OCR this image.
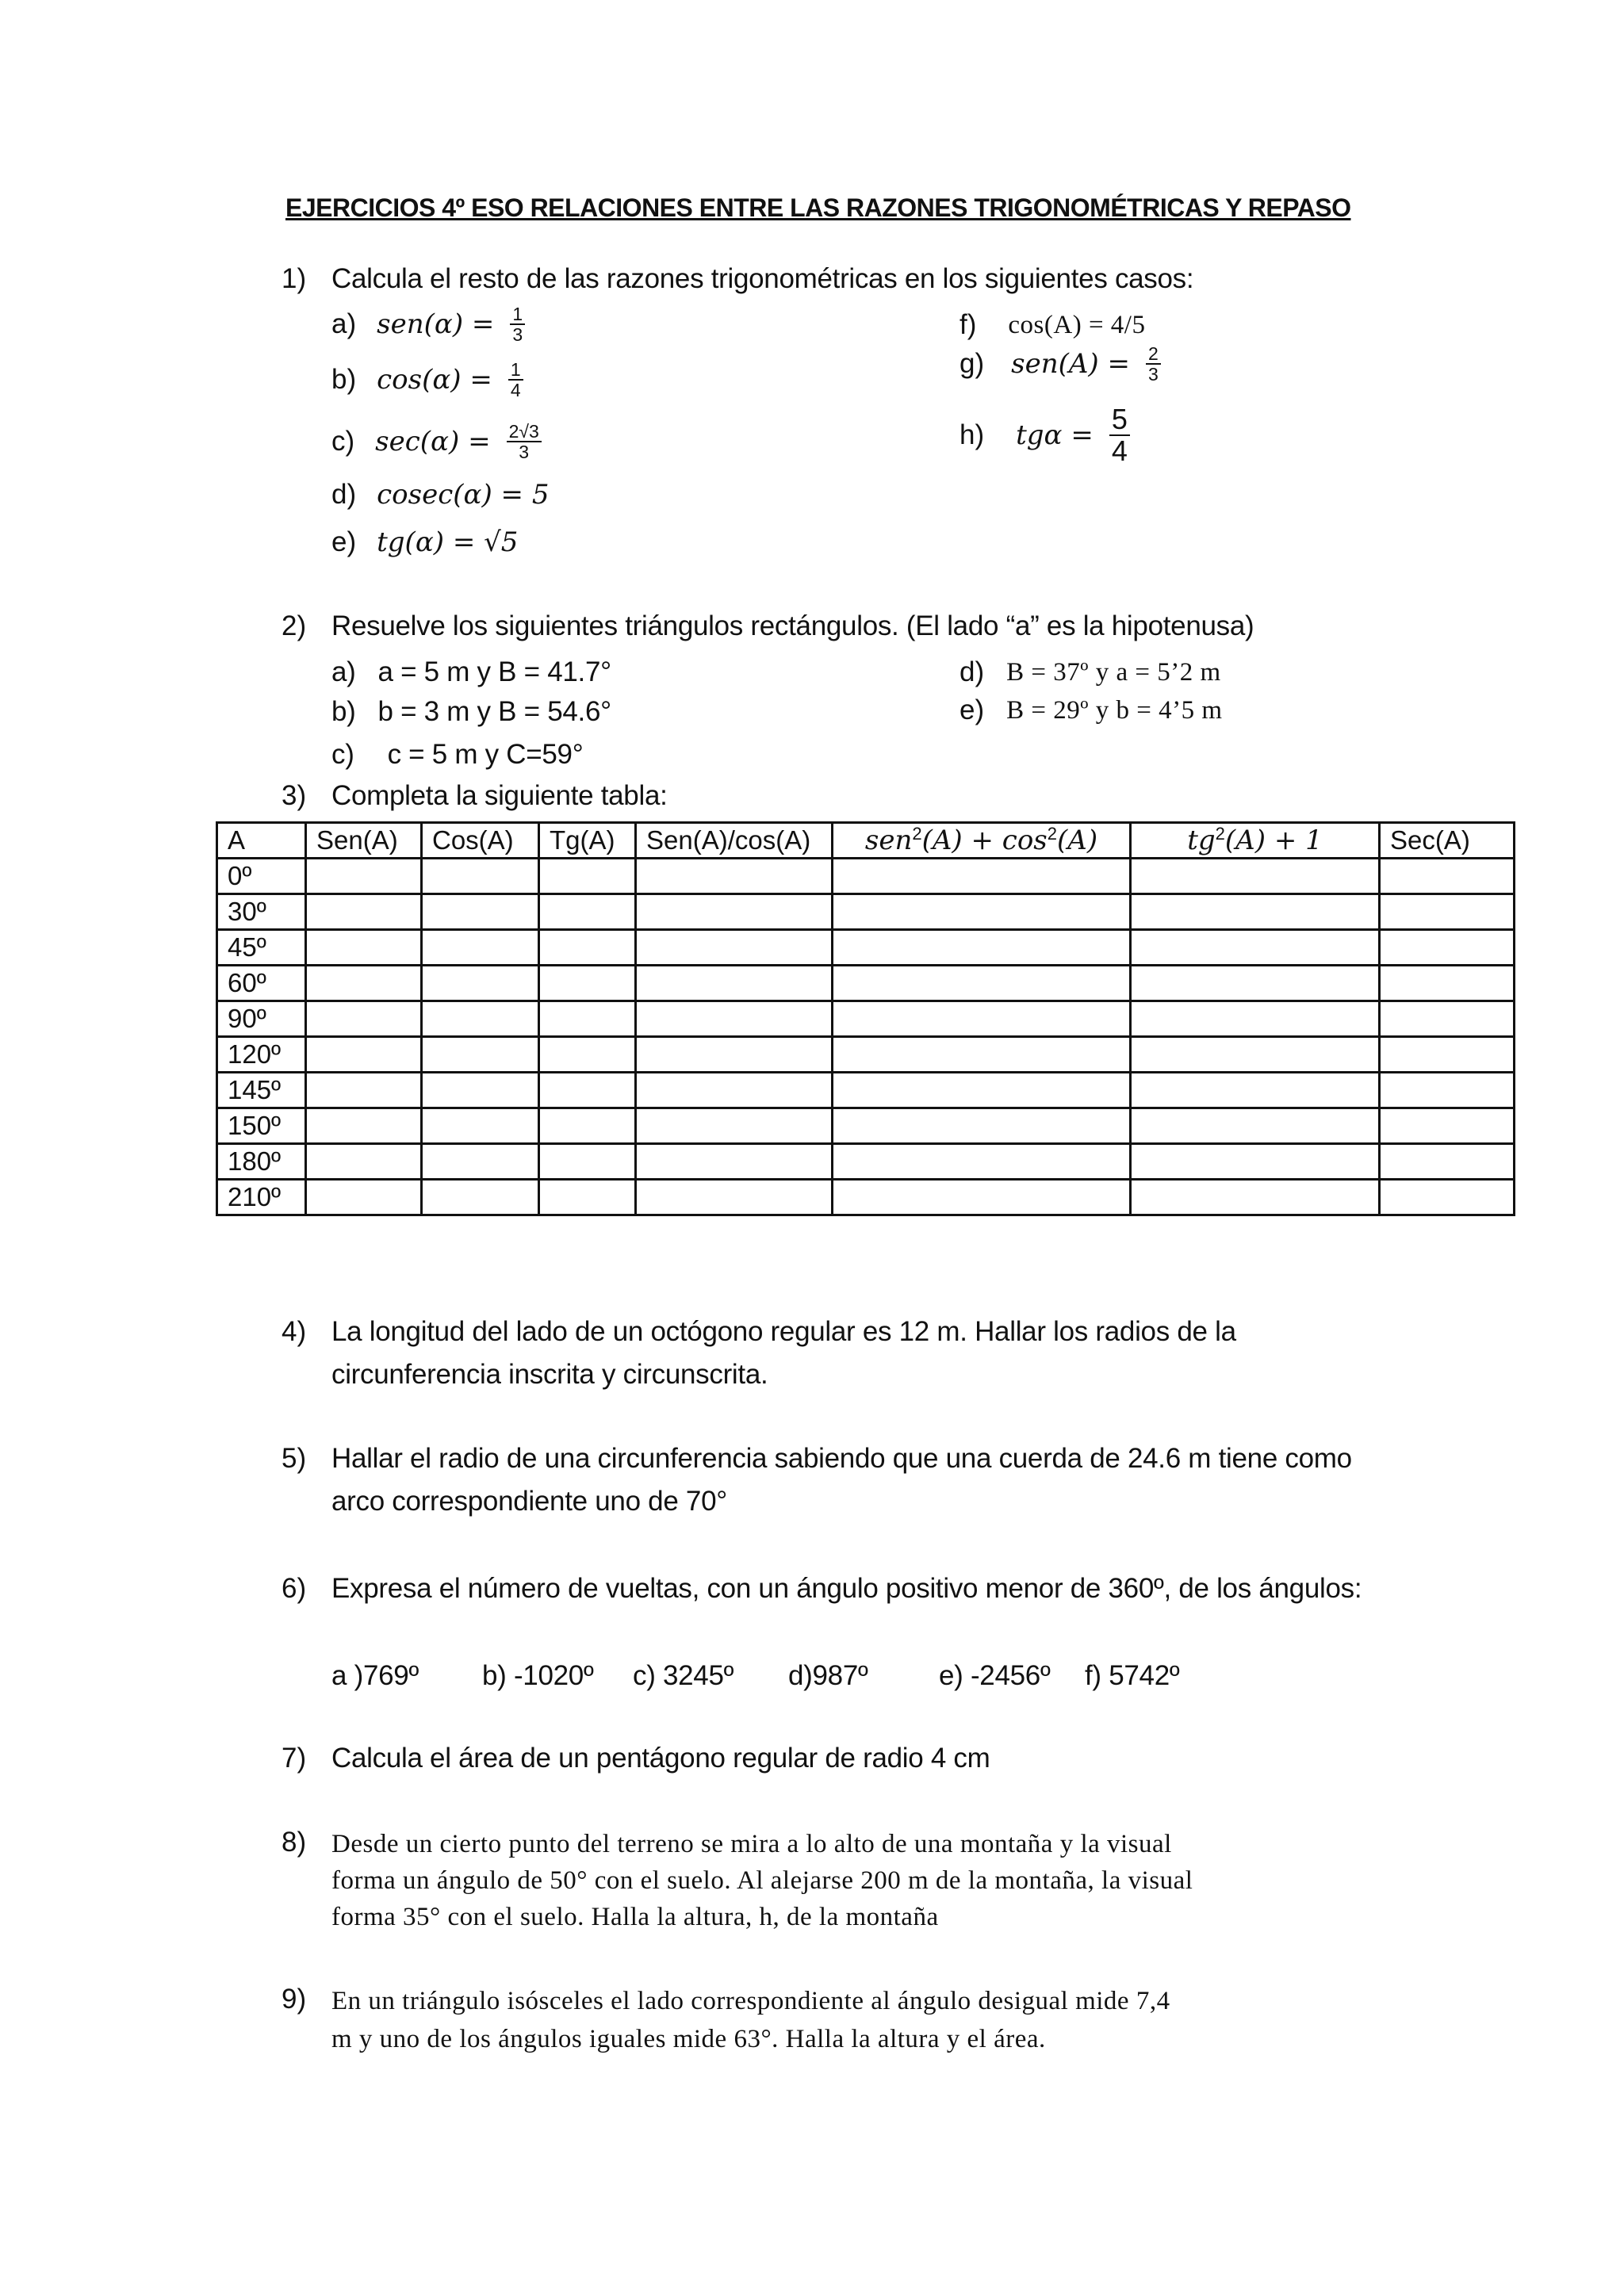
EJERCICIOS 4º ESO RELACIONES ENTRE LAS RAZONES TRIGONOMÉTRICAS Y REPASO
1) Calcula el resto de las razones trigonométricas en los siguientes casos:
a) $sen(\alpha) = \frac{1}{3}$
b) $\cos(\alpha) = \frac{1}{4}$
c) $\sec(\alpha) = \frac{2√3}{3}$
d) cosec(α) = 5
e) tg(α) = √5
f) cos(A) = 4/5
g) $sen(A) = \frac{2}{3}$
h) $tg\alpha = \frac{5}{4}$
2) Resuelve los siguientes triángulos rectángulos. (El lado “a” es la hipotenusa)
a) a = 5 m y B = 41.7°
b) b = 3 m y B = 54.6°
c) c = 5 m y C=59°
d) B = 37º y a = 5’2 m
e) B = 29º y b = 4’5 m
3) Completa la siguiente tabla:
A	Sen(A)	Cos(A)	Tg(A)	Sen(A)/cos(A)	$sen^2(A) + \cos^2(A)$	$tg^2(A) + 1$	Sec(A)
0º							
30º							
45º							
60º							
90º							
120º							
145º							
150º							
180º							
210º							
4) La longitud del lado de un octógono regular es 12 m. Hallar los radios de la
circunferencia inscrita y circunscrita.
5) Hallar el radio de una circunferencia sabiendo que una cuerda de 24.6 m tiene como
arco correspondiente uno de 70°
6) Expresa el número de vueltas, con un ángulo positivo menor de 360º, de los ángulos:
a )769º b) -1020º c) 3245º d)987º	e) -2456º f) 5742º
7) Calcula el área de un pentágono regular de radio 4 cm
8) Desde un cierto punto del terreno se mira a lo alto de una montaña y la visual
forma un ángulo de 50° con el suelo. Al alejarse 200 m de la montaña, la visual
forma 35° con el suelo. Halla la altura, h, de la montaña
9) En un triángulo isósceles el lado correspondiente al ángulo desigual mide 7,4
m y uno de los ángulos iguales mide 63°. Halla la altura y el área.
